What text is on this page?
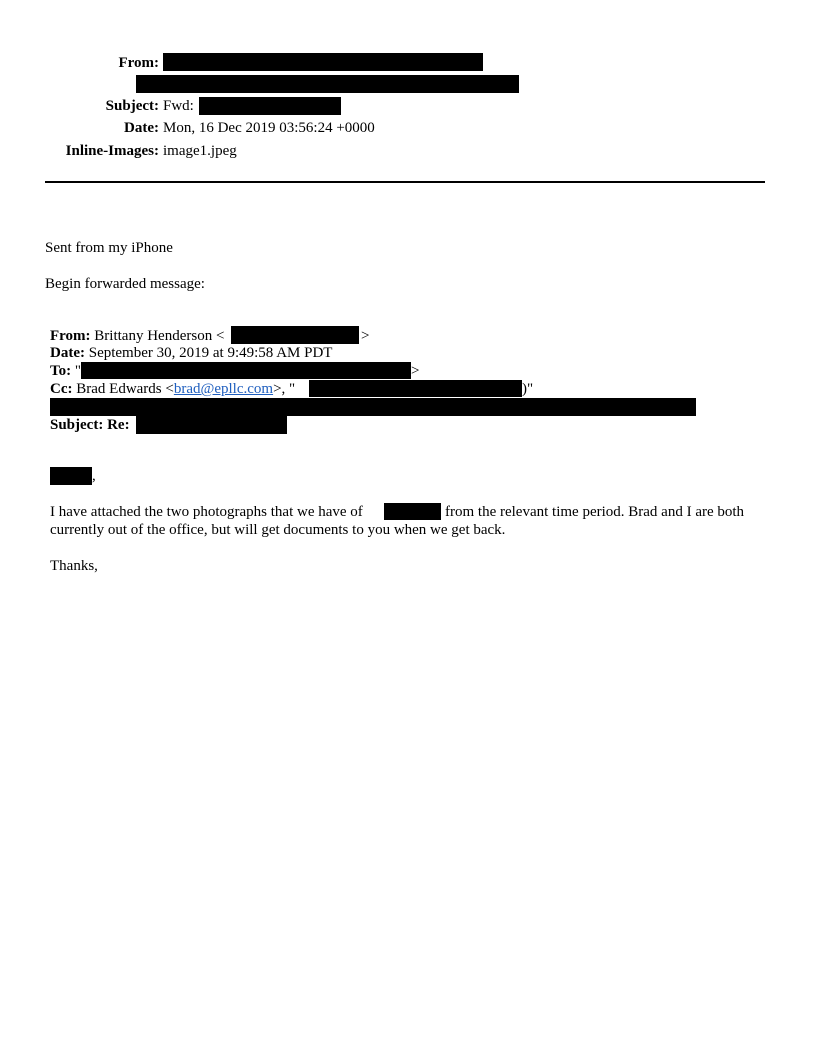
From:
Subject: Fwd:
Date: Mon, 16 Dec 2019 03:56:24 +0000
Inline-Images: image1.jpeg
Sent from my iPhone
Begin forwarded message:
From: Brittany Henderson <	>
Date: September 30, 2019 at 9:49:58 AM PDT
To: "	>
Cc: Brad Edwards <brad@epllc.com>, "	)"
Subject: Re:
,
I have attached the two photographs that we have of	from the relevant time period. Brad and I are both
currently out of the office, but will get documents to you when we get back.
Thanks,
